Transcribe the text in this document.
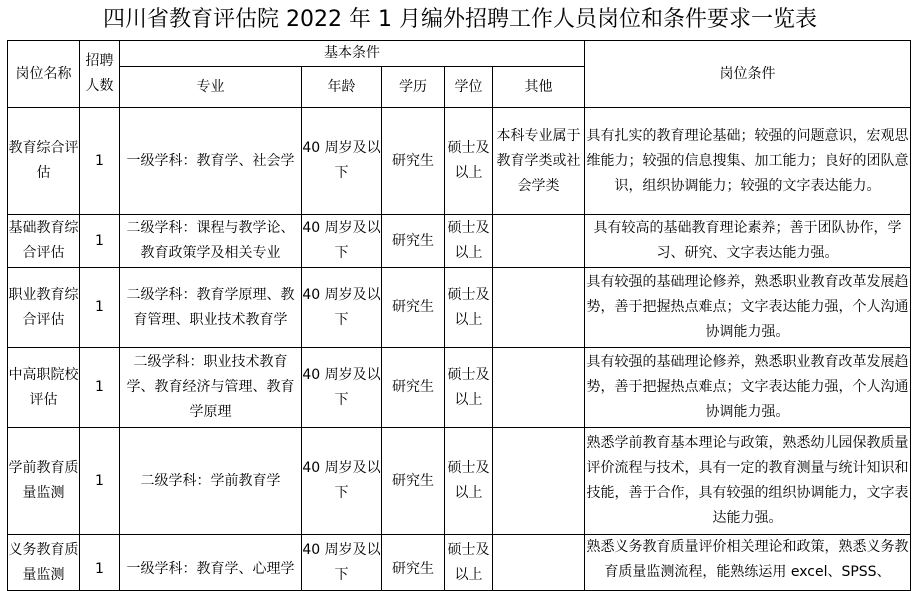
四川省教育评估院 2022 年 1 月编外招聘工作人员岗位和条件要求一览表
岗位名称	招聘人数	基本条件					岗位条件
		专业	年龄	学历	学位	其他	
教育综合评估	1	一级学科：教育学、社会学	40 周岁及以下	研究生	硕士及以上	本科专业属于教育学类或社会学类	具有扎实的教育理论基础；较强的问题意识，宏观思维能力；较强的信息搜集、加工能力；良好的团队意识，组织协调能力；较强的文字表达能力。
基础教育综合评估	1	二级学科：课程与教学论、教育政策学及相关专业	40 周岁及以下	研究生	硕士及以上		具有较高的基础教育理论素养；善于团队协作，学习、研究、文字表达能力强。
职业教育综合评估	1	二级学科：教育学原理、教育管理、职业技术教育学	40 周岁及以下	研究生	硕士及以上		具有较强的基础理论修养，熟悉职业教育改革发展趋势，善于把握热点难点；文字表达能力强，个人沟通协调能力强。
中高职院校评估	1	二级学科：职业技术教育学、教育经济与管理、教育学原理	40 周岁及以下	研究生	硕士及以上		具有较强的基础理论修养，熟悉职业教育改革发展趋势，善于把握热点难点；文字表达能力强，个人沟通协调能力强。
学前教育质量监测	1	二级学科：学前教育学	40 周岁及以下	研究生	硕士及以上		熟悉学前教育基本理论与政策，熟悉幼儿园保教质量评价流程与技术，具有一定的教育测量与统计知识和技能，善于合作，具有较强的组织协调能力，文字表达能力强。
义务教育质量监测	1	一级学科：教育学、心理学	40 周岁及以下	研究生	硕士及以上		熟悉义务教育质量评价相关理论和政策，熟悉义务教育质量监测流程，能熟练运用 excel、SPSS、
